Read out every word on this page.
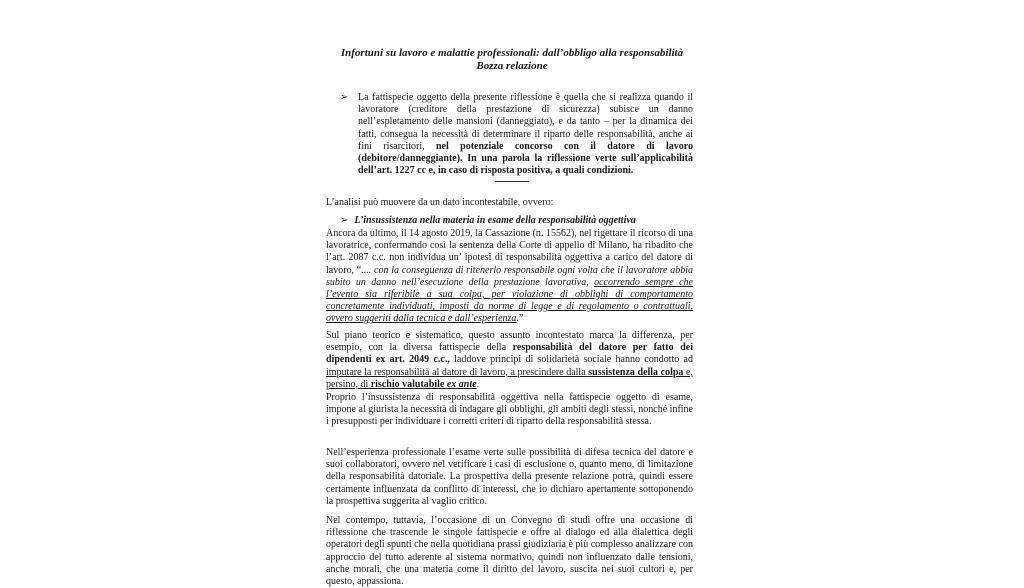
Infortuni su lavoro e malattie professionali: dall’obbligo alla responsabilità
Bozza relazione
➢ La fattispecie oggetto della presente riflessione è quella che si realizza quando il lavoratore (creditore della prestazione di sicurezza) subisce un danno nell’espletamento delle mansioni (danneggiato), e da tanto – per la dinamica dei fatti, consegua la necessità di determinare il riparto delle responsabilità, anche ai fini risarcitori, nel potenziale concorso con il datore di lavoro (debitore/danneggiante). In una parola la riflessione verte sull’applicabilità dell’art. 1227 cc e, in caso di risposta positiva, a quali condizioni.
L’analisi può muovere da un dato incontestabile, ovvero:
➢ L’insussistenza nella materia in esame della responsabilità oggettiva
Ancora da ultimo, il 14 agosto 2019, la Cassazione (n. 15562), nel rigettare il ricorso di una lavoratrice, confermando così la sentenza della Corte di appello di Milano, ha ribadito che l’art. 2087 c.c. non individua un’ ipotesi di responsabilità oggettiva a carico del datore di lavoro, “.... con la conseguenza di ritenerlo responsabile ogni volta che il lavoratore abbia subito un danno nell’esecuzione della prestazione lavorativa, occorrendo sempre che l’evento sia riferibile a sua colpa, per violazione di obblighi di comportamento concretamente individuati, imposti da norme di legge e di regolamento o contrattuali, ovvero suggeriti dalla tecnica e dall’esperienza.”
Sul piano teorico e sistematico, questo assunto incontestato marca la differenza, per esempio, con la diversa fattispecie della responsabilità del datore per fatto dei dipendenti ex art. 2049 c.c., laddove principi di solidarietà sociale hanno condotto ad imputare la responsabilità al datore di lavoro, a prescindere dalla sussistenza della colpa e, persino, di rischio valutabile ex ante.
Proprio l’insussistenza di responsabilità oggettiva nella fattispecie oggetto di esame, impone al giurista la necessità di indagare gli obblighi, gli ambiti degli stessi, nonché infine i presupposti per individuare i corretti criteri di riparto della responsabilità stessa.
Nell’esperienza professionale l’esame verte sulle possibilità di difesa tecnica del datore e suoi collaboratori, ovvero nel verificare i casi di esclusione o, quanto meno, di limitazione della responsabilità datoriale. La prospettiva della presente relazione potrà, quindi essere certamente influenzata da conflitto di interessi, che io dichiaro apertamente sottoponendo la prospettiva suggerita al vaglio critico.
Nel contempo, tuttavia, l’occasione di un Convegno di studi offre una occasione di riflessione che trascende le singole fattispecie e offre al dialogo ed alla dialettica degli operatori degli spunti che nella quotidiana prassi giudiziaria è più complesso analizzare con approccio del tutto aderente al sistema normativo, quindi non influenzato dalle tensioni, anche morali, che una materia come il diritto del lavoro, suscita nei suoi cultori e, per questo, appassiona.
